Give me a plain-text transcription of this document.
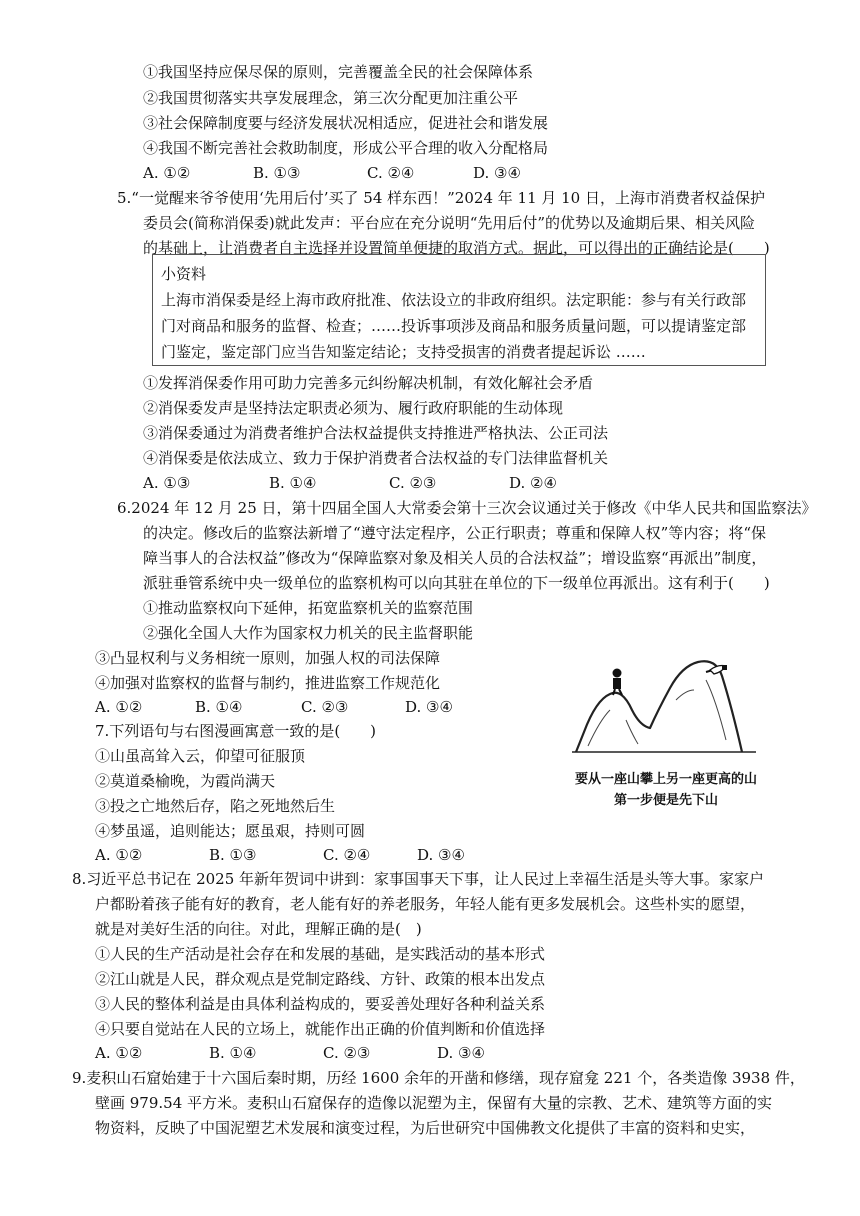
①我国坚持应保尽保的原则，完善覆盖全民的社会保障体系
②我国贯彻落实共享发展理念，第三次分配更加注重公平
③社会保障制度要与经济发展状况相适应，促进社会和谐发展
④我国不断完善社会救助制度，形成公平合理的收入分配格局
A. ①②	B. ①③	C. ②④	D. ③④
5.“一觉醒来爷爷使用‘先用后付’买了 54 样东西！”2024 年 11 月 10 日，上海市消费者权益保护
委员会(简称消保委)就此发声：平台应在充分说明“先用后付”的优势以及逾期后果、相关风险
的基础上，让消费者自主选择并设置简单便捷的取消方式。据此，可以得出的正确结论是(　　)
小资料
上海市消保委是经上海市政府批准、依法设立的非政府组织。法定职能：参与有关行政部
门对商品和服务的监督、检查；……投诉事项涉及商品和服务质量问题，可以提请鉴定部
门鉴定，鉴定部门应当告知鉴定结论；支持受损害的消费者提起诉讼 ……
①发挥消保委作用可助力完善多元纠纷解决机制，有效化解社会矛盾
②消保委发声是坚持法定职责必须为、履行政府职能的生动体现
③消保委通过为消费者维护合法权益提供支持推进严格执法、公正司法
④消保委是依法成立、致力于保护消费者合法权益的专门法律监督机关
A. ①③	B. ①④	C. ②③	D. ②④
6.2024 年 12 月 25 日，第十四届全国人大常委会第十三次会议通过关于修改《中华人民共和国监察法》
的决定。修改后的监察法新增了“遵守法定程序，公正行职责；尊重和保障人权”等内容；将“保
障当事人的合法权益”修改为“保障监察对象及相关人员的合法权益”；增设监察“再派出”制度，
派驻垂管系统中央一级单位的监察机构可以向其驻在单位的下一级单位再派出。这有利于(　　)
①推动监察权向下延伸，拓宽监察机关的监察范围
②强化全国人大作为国家权力机关的民主监督职能
③凸显权利与义务相统一原则，加强人权的司法保障
④加强对监察权的监督与制约，推进监察工作规范化
A. ①②	B. ①④	C. ②③	D. ③④
要从一座山攀上另一座更高的山
第一步便是先下山
7.下列语句与右图漫画寓意一致的是(　　)
①山虽高耸入云，仰望可征服顶
②莫道桑榆晚，为霞尚满天
③投之亡地然后存，陷之死地然后生
④梦虽遥，追则能达；愿虽艰，持则可圆
A. ①②	B. ①③	C. ②④	D. ③④
8.习近平总书记在 2025 年新年贺词中讲到：家事国事天下事，让人民过上幸福生活是头等大事。家家户
户都盼着孩子能有好的教育，老人能有好的养老服务，年轻人能有更多发展机会。这些朴实的愿望，
就是对美好生活的向往。对此，理解正确的是(　)
①人民的生产活动是社会存在和发展的基础，是实践活动的基本形式
②江山就是人民，群众观点是党制定路线、方针、政策的根本出发点
③人民的整体利益是由具体利益构成的，要妥善处理好各种利益关系
④只要自觉站在人民的立场上，就能作出正确的价值判断和价值选择
A. ①②	B. ①④	C. ②③	D. ③④
9.麦积山石窟始建于十六国后秦时期，历经 1600 余年的开凿和修缮，现存窟龛 221 个，各类造像 3938 件，
壁画 979.54 平方米。麦积山石窟保存的造像以泥塑为主，保留有大量的宗教、艺术、建筑等方面的实
物资料，反映了中国泥塑艺术发展和演变过程，为后世研究中国佛教文化提供了丰富的资料和史实，
